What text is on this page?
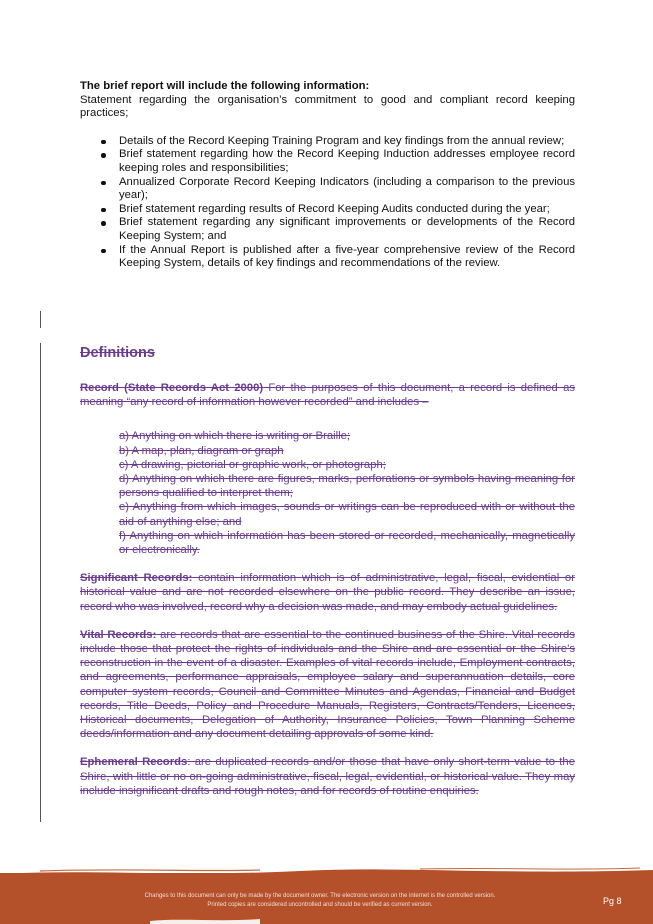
The brief report will include the following information:
Statement regarding the organisation’s commitment to good and compliant record keeping practices;
Details of the Record Keeping Training Program and key findings from the annual review;
Brief statement regarding how the Record Keeping Induction addresses employee record keeping roles and responsibilities;
Annualized Corporate Record Keeping Indicators (including a comparison to the previous year);
Brief statement regarding results of Record Keeping Audits conducted during the year;
Brief statement regarding any significant improvements or developments of the Record Keeping System; and
If the Annual Report is published after a five-year comprehensive review of the Record Keeping System, details of key findings and recommendations of the review.
Definitions

Record (State Records Act 2000) For the purposes of this document, a record is defined as meaning “any record of information however recorded” and includes –

a) Anything on which there is writing or Braille;
b) A map, plan, diagram or graph
c) A drawing, pictorial or graphic work, or photograph;
d) Anything on which there are figures, marks, perforations or symbols having meaning for persons qualified to interpret them;
e) Anything from which images, sounds or writings can be reproduced with or without the aid of anything else; and
f) Anything on which information has been stored or recorded, mechanically, magnetically or electronically.

Significant Records: contain information which is of administrative, legal, fiscal, evidential or historical value and are not recorded elsewhere on the public record. They describe an issue, record who was involved, record why a decision was made, and may embody actual guidelines.

Vital Records: are records that are essential to the continued business of the Shire. Vital records include those that protect the rights of individuals and the Shire and are essential or the Shire’s reconstruction in the event of a disaster. Examples of vital records include, Employment contracts, and agreements, performance appraisals, employee salary and superannuation details, core computer system records, Council and Committee Minutes and Agendas, Financial and Budget records, Title Deeds, Policy and Procedure Manuals, Registers, Contracts/Tenders, Licences, Historical documents, Delegation of Authority, Insurance Policies, Town Planning Scheme deeds/information and any document detailing approvals of some kind.

Ephemeral Records: are duplicated records and/or those that have only short-term value to the Shire, with little or no on-going administrative, fiscal, legal, evidential, or historical value. They may include insignificant drafts and rough notes, and for records of routine enquiries.

Changes to this document can only be made by the document owner. The electronic version on the internet is the controlled version.
Printed copies are considered uncontrolled and should be verified as current version.	Pg 8
